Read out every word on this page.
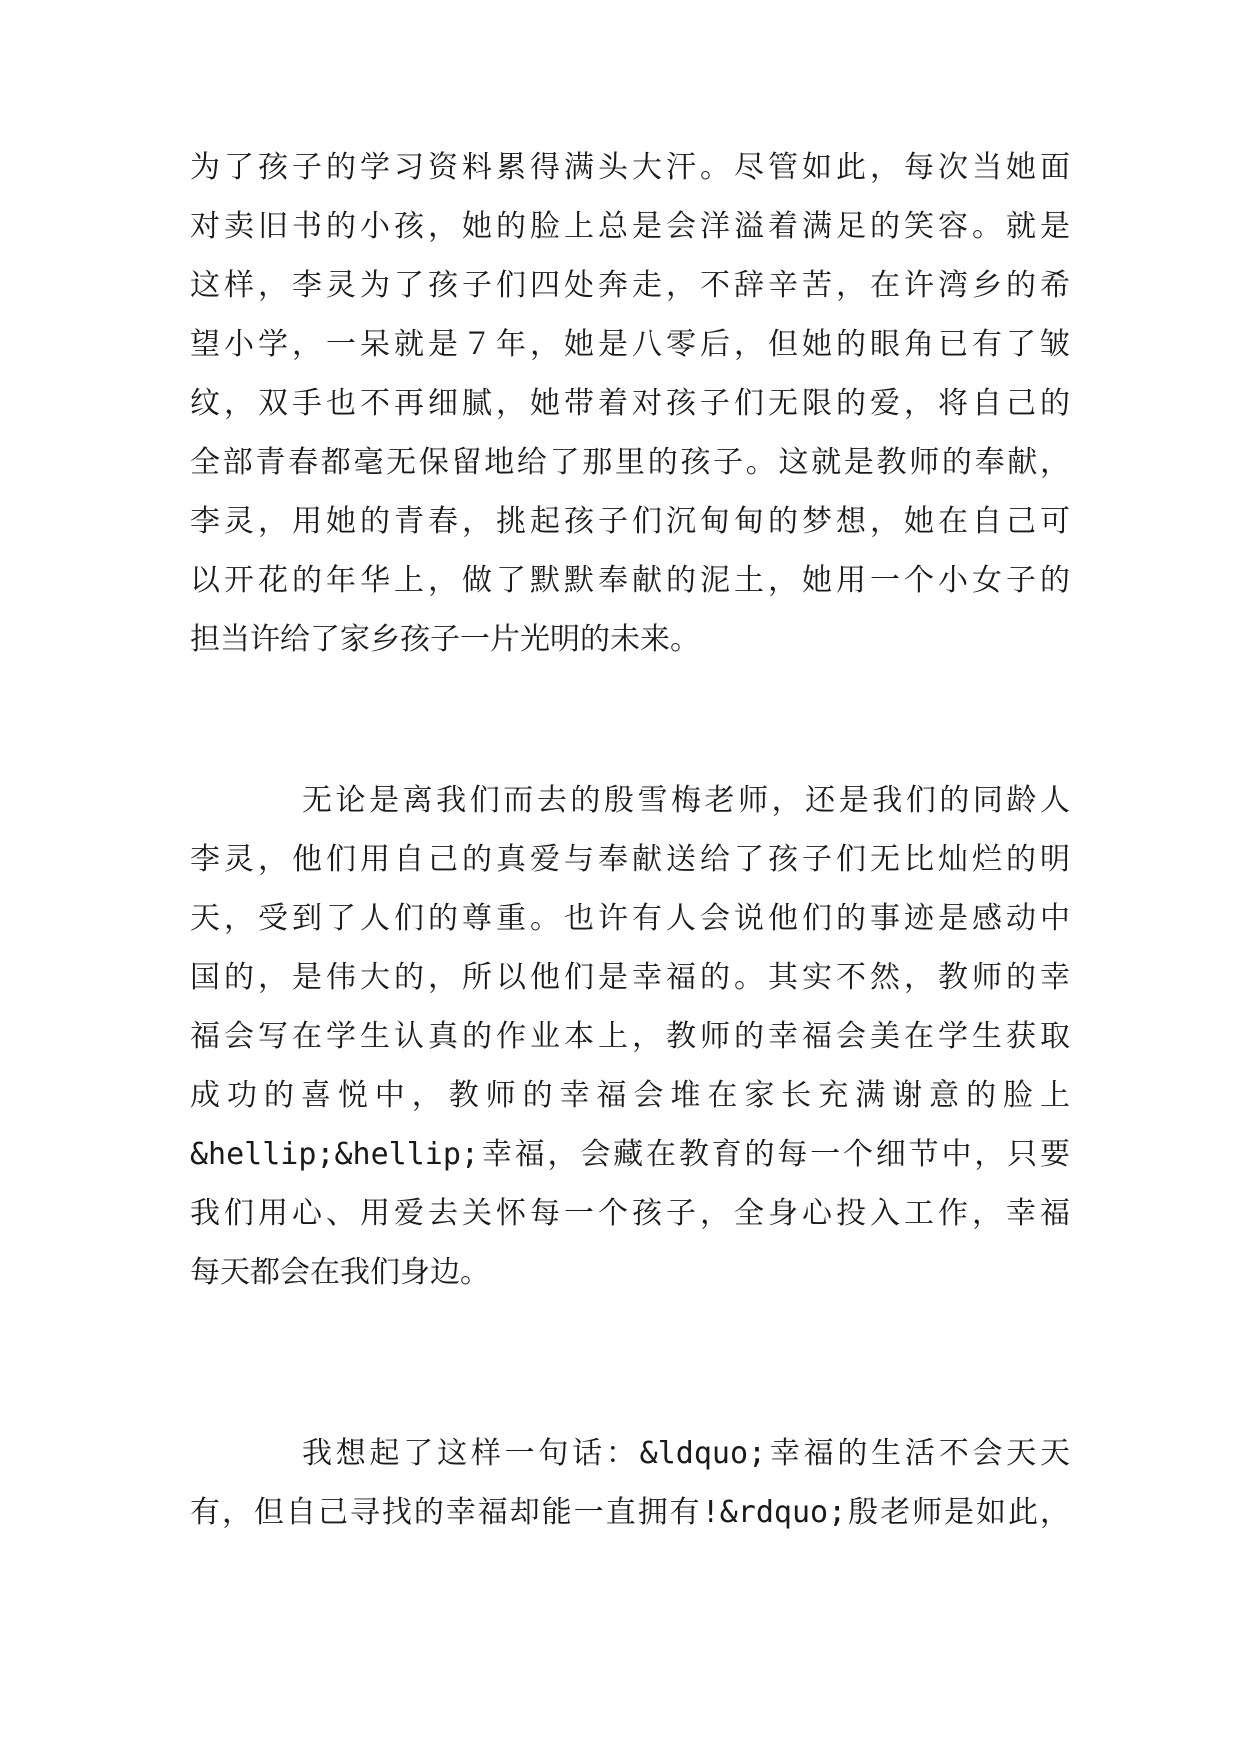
为了孩子的学习资料累得满头大汗。尽管如此，每次当她面
对卖旧书的小孩，她的脸上总是会洋溢着满足的笑容。就是
这样，李灵为了孩子们四处奔走，不辞辛苦，在许湾乡的希
望小学，一呆就是７年，她是八零后，但她的眼角已有了皱
纹，双手也不再细腻，她带着对孩子们无限的爱，将自己的
全部青春都毫无保留地给了那里的孩子。这就是教师的奉献，
李灵，用她的青春，挑起孩子们沉甸甸的梦想，她在自己可
以开花的年华上，做了默默奉献的泥土，她用一个小女子的
担当许给了家乡孩子一片光明的未来。
无论是离我们而去的殷雪梅老师，还是我们的同龄人
李灵，他们用自己的真爱与奉献送给了孩子们无比灿烂的明
天，受到了人们的尊重。也许有人会说他们的事迹是感动中
国的，是伟大的，所以他们是幸福的。其实不然，教师的幸
福会写在学生认真的作业本上，教师的幸福会美在学生获取
成功的喜悦中，教师的幸福会堆在家长充满谢意的脸上
&hellip;&hellip;幸福，会藏在教育的每一个细节中，只要
我们用心、用爱去关怀每一个孩子，全身心投入工作，幸福
每天都会在我们身边。
我想起了这样一句话：&ldquo;幸福的生活不会天天
有，但自己寻找的幸福却能一直拥有!&rdquo;殷老师是如此，
